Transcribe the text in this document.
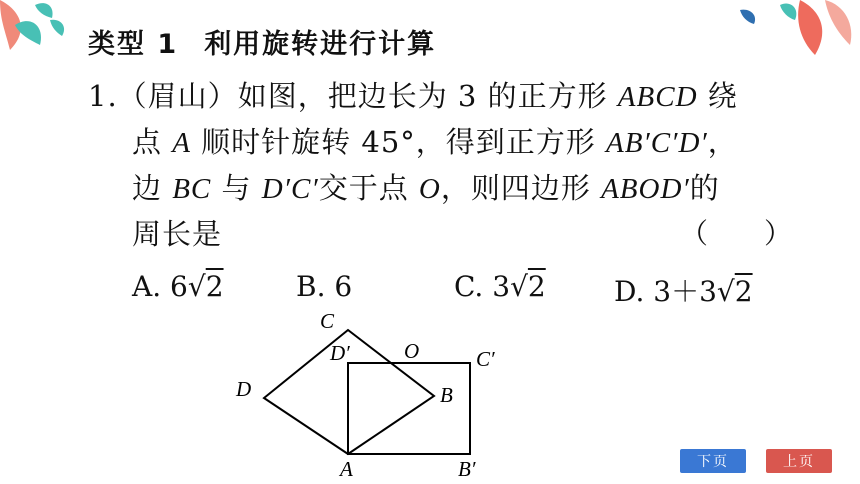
类型 1 利用旋转进行计算
1.（眉山）如图，把边长为 3 的正方形 ABCD 绕
点 A 顺时针旋转 45°，得到正方形 AB′C′D′，
边 BC 与 D′C′交于点 O，则四边形 ABOD′的
周长是	（　　）
A. 6√2	B. 6	C. 3√2 D. 3＋3√2
C
D′	O	C′
D	B
A	B′	下页	上页
